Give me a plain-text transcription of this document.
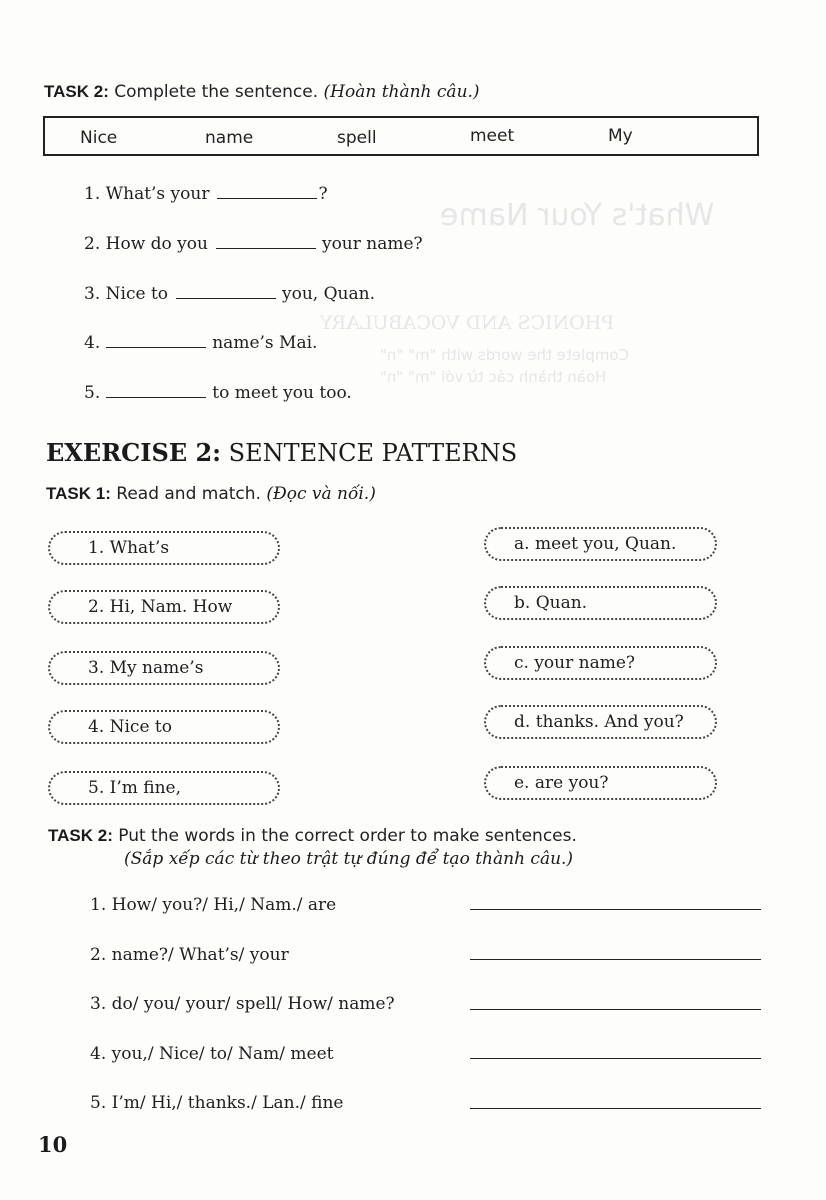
What's Your Name
PHONICS AND VOCABULARY
Complete the words with "m" "n"
Hoàn thành các từ với "m" "n"
TASK 2: Complete the sentence. (Hoàn thành câu.)
Nice	name	spell	meet	My
1. What’s your	?
2. How do you	your name?
3. Nice to	you, Quan.
4.	name’s Mai.
5.	to meet you too.
EXERCISE 2: SENTENCE PATTERNS
TASK 1: Read and match. (Đọc và nối.)
1. What’s
2. Hi, Nam. How
3. My name’s
4. Nice to
5. I’m fine,
a. meet you, Quan.
b. Quan.
c. your name?
d. thanks. And you?
e. are you?
TASK 2: Put the words in the correct order to make sentences.
(Sắp xếp các từ theo trật tự đúng để tạo thành câu.)
1. How/ you?/ Hi,/ Nam./ are
2. name?/ What’s/ your
3. do/ you/ your/ spell/ How/ name?
4. you,/ Nice/ to/ Nam/ meet
5. I’m/ Hi,/ thanks./ Lan./ fine
10
